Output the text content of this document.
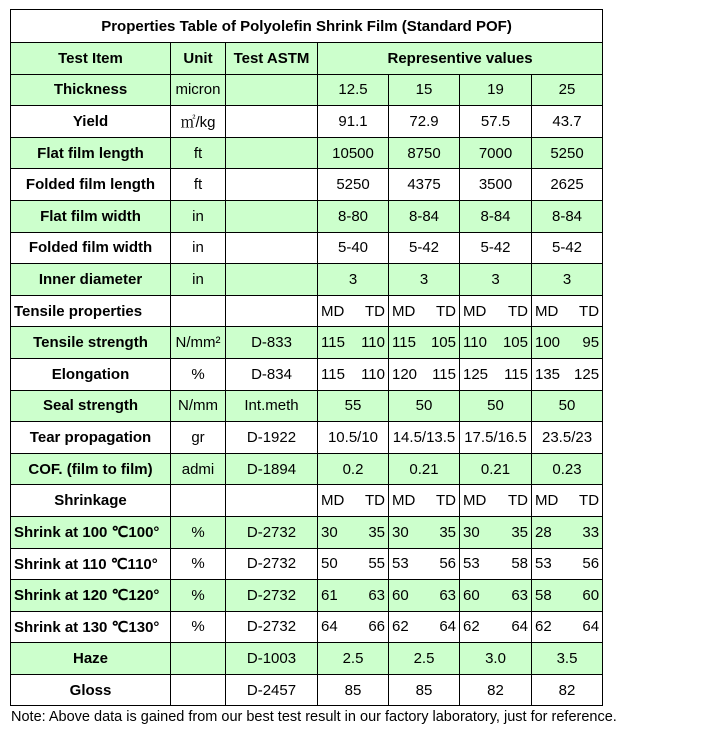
Properties Table of Polyolefin Shrink Film (Standard POF)						
Test Item	Unit	Test ASTM	Representive values			
Thickness	micron		12.5	15	19	25
Yield	㎡/kg		91.1	72.9	57.5	43.7
Flat film length	ft		10500	8750	7000	5250
Folded film length	ft		5250	4375	3500	2625
Flat film width	in		8-80	8-84	8-84	8-84
Folded film width	in		5-40	5-42	5-42	5-42
Inner diameter	in		3	3	3	3
Tensile properties			MD TD	MD TD	MD TD	MD TD

Tensile strength	N/mm²	D-833	115 110	115 105	110 105	100 95

Elongation	%	D-834	115 110	120 115	125 115	135 125

Seal strength	N/mm	Int.meth	55	50	50	50
Tear propagation	gr	D-1922	10.5/10	14.5/13.5	17.5/16.5	23.5/23
COF. (film to film)	admi	D-1894	0.2	0.21	0.21	0.23
Shrinkage			MD TD	MD TD	MD TD	MD TD

Shrink at 100 ℃100°	%	D-2732	30 35	30 35	30 35	28 33

Shrink at 110 ℃110°	%	D-2732	50 55	53 56	53 58	53 56

Shrink at 120 ℃120°	%	D-2732	61 63	60 63	60 63	58 60

Shrink at 130 ℃130°	%	D-2732	64 66	62 64	62 64	62 64

Haze		D-1003	2.5	2.5	3.0	3.5
Gloss		D-2457	85	85	82	82
Note: Above data is gained from our best test result in our factory laboratory, just for reference.
